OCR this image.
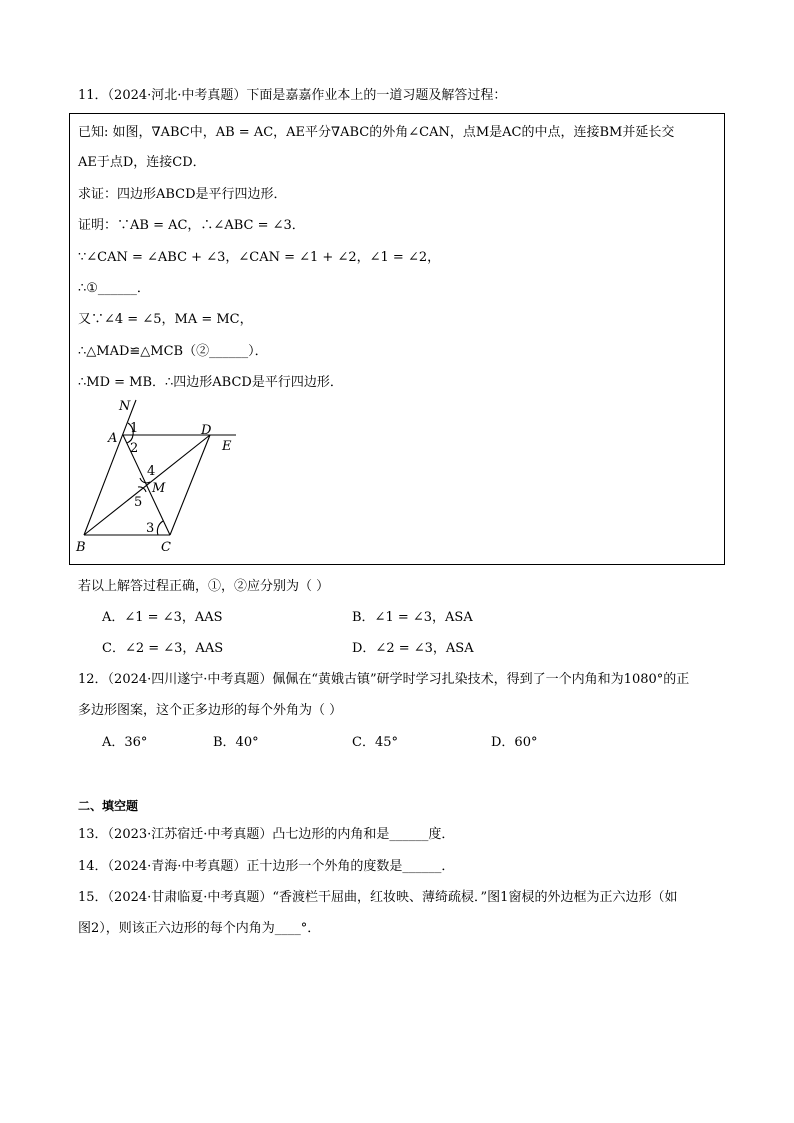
11．（2024·河北·中考真题）下面是嘉嘉作业本上的一道习题及解答过程：
已知: 如图，∇ABC中，AB = AC，AE平分∇ABC的外角∠CAN，点M是AC的中点，连接BM并延长交
AE于点D，连接CD．
求证：四边形ABCD是平行四边形．
证明：∵AB = AC，∴∠ABC = ∠3．
∵∠CAN = ∠ABC + ∠3，∠CAN = ∠1 + ∠2，∠1 = ∠2，
∴①______．
又∵∠4 = ∠5，MA = MC，
∴△MAD≌△MCB（②______）．
∴MD = MB．∴四边形ABCD是平行四边形．
N
A
D
E
B	C
M
1
2
4
5
3
若以上解答过程正确，①，②应分别为（ ）
A．∠1 = ∠3，AAS	B．∠1 = ∠3，ASA
C．∠2 = ∠3，AAS	D．∠2 = ∠3，ASA
12．（2024·四川遂宁·中考真题）佩佩在“黄娥古镇”研学时学习扎染技术，得到了一个内角和为1080°的正
多边形图案，这个正多边形的每个外角为（ ）
A．36°	B．40°	C．45°	D．60°
二、填空题
13．（2023·江苏宿迁·中考真题）凸七边形的内角和是______度．
14．（2024·青海·中考真题）正十边形一个外角的度数是______．
15．（2024·甘肃临夏·中考真题）“香渡栏干屈曲，红妆映、薄绮疏棂．”图1窗棂的外边框为正六边形（如
图2），则该正六边形的每个内角为____°．
